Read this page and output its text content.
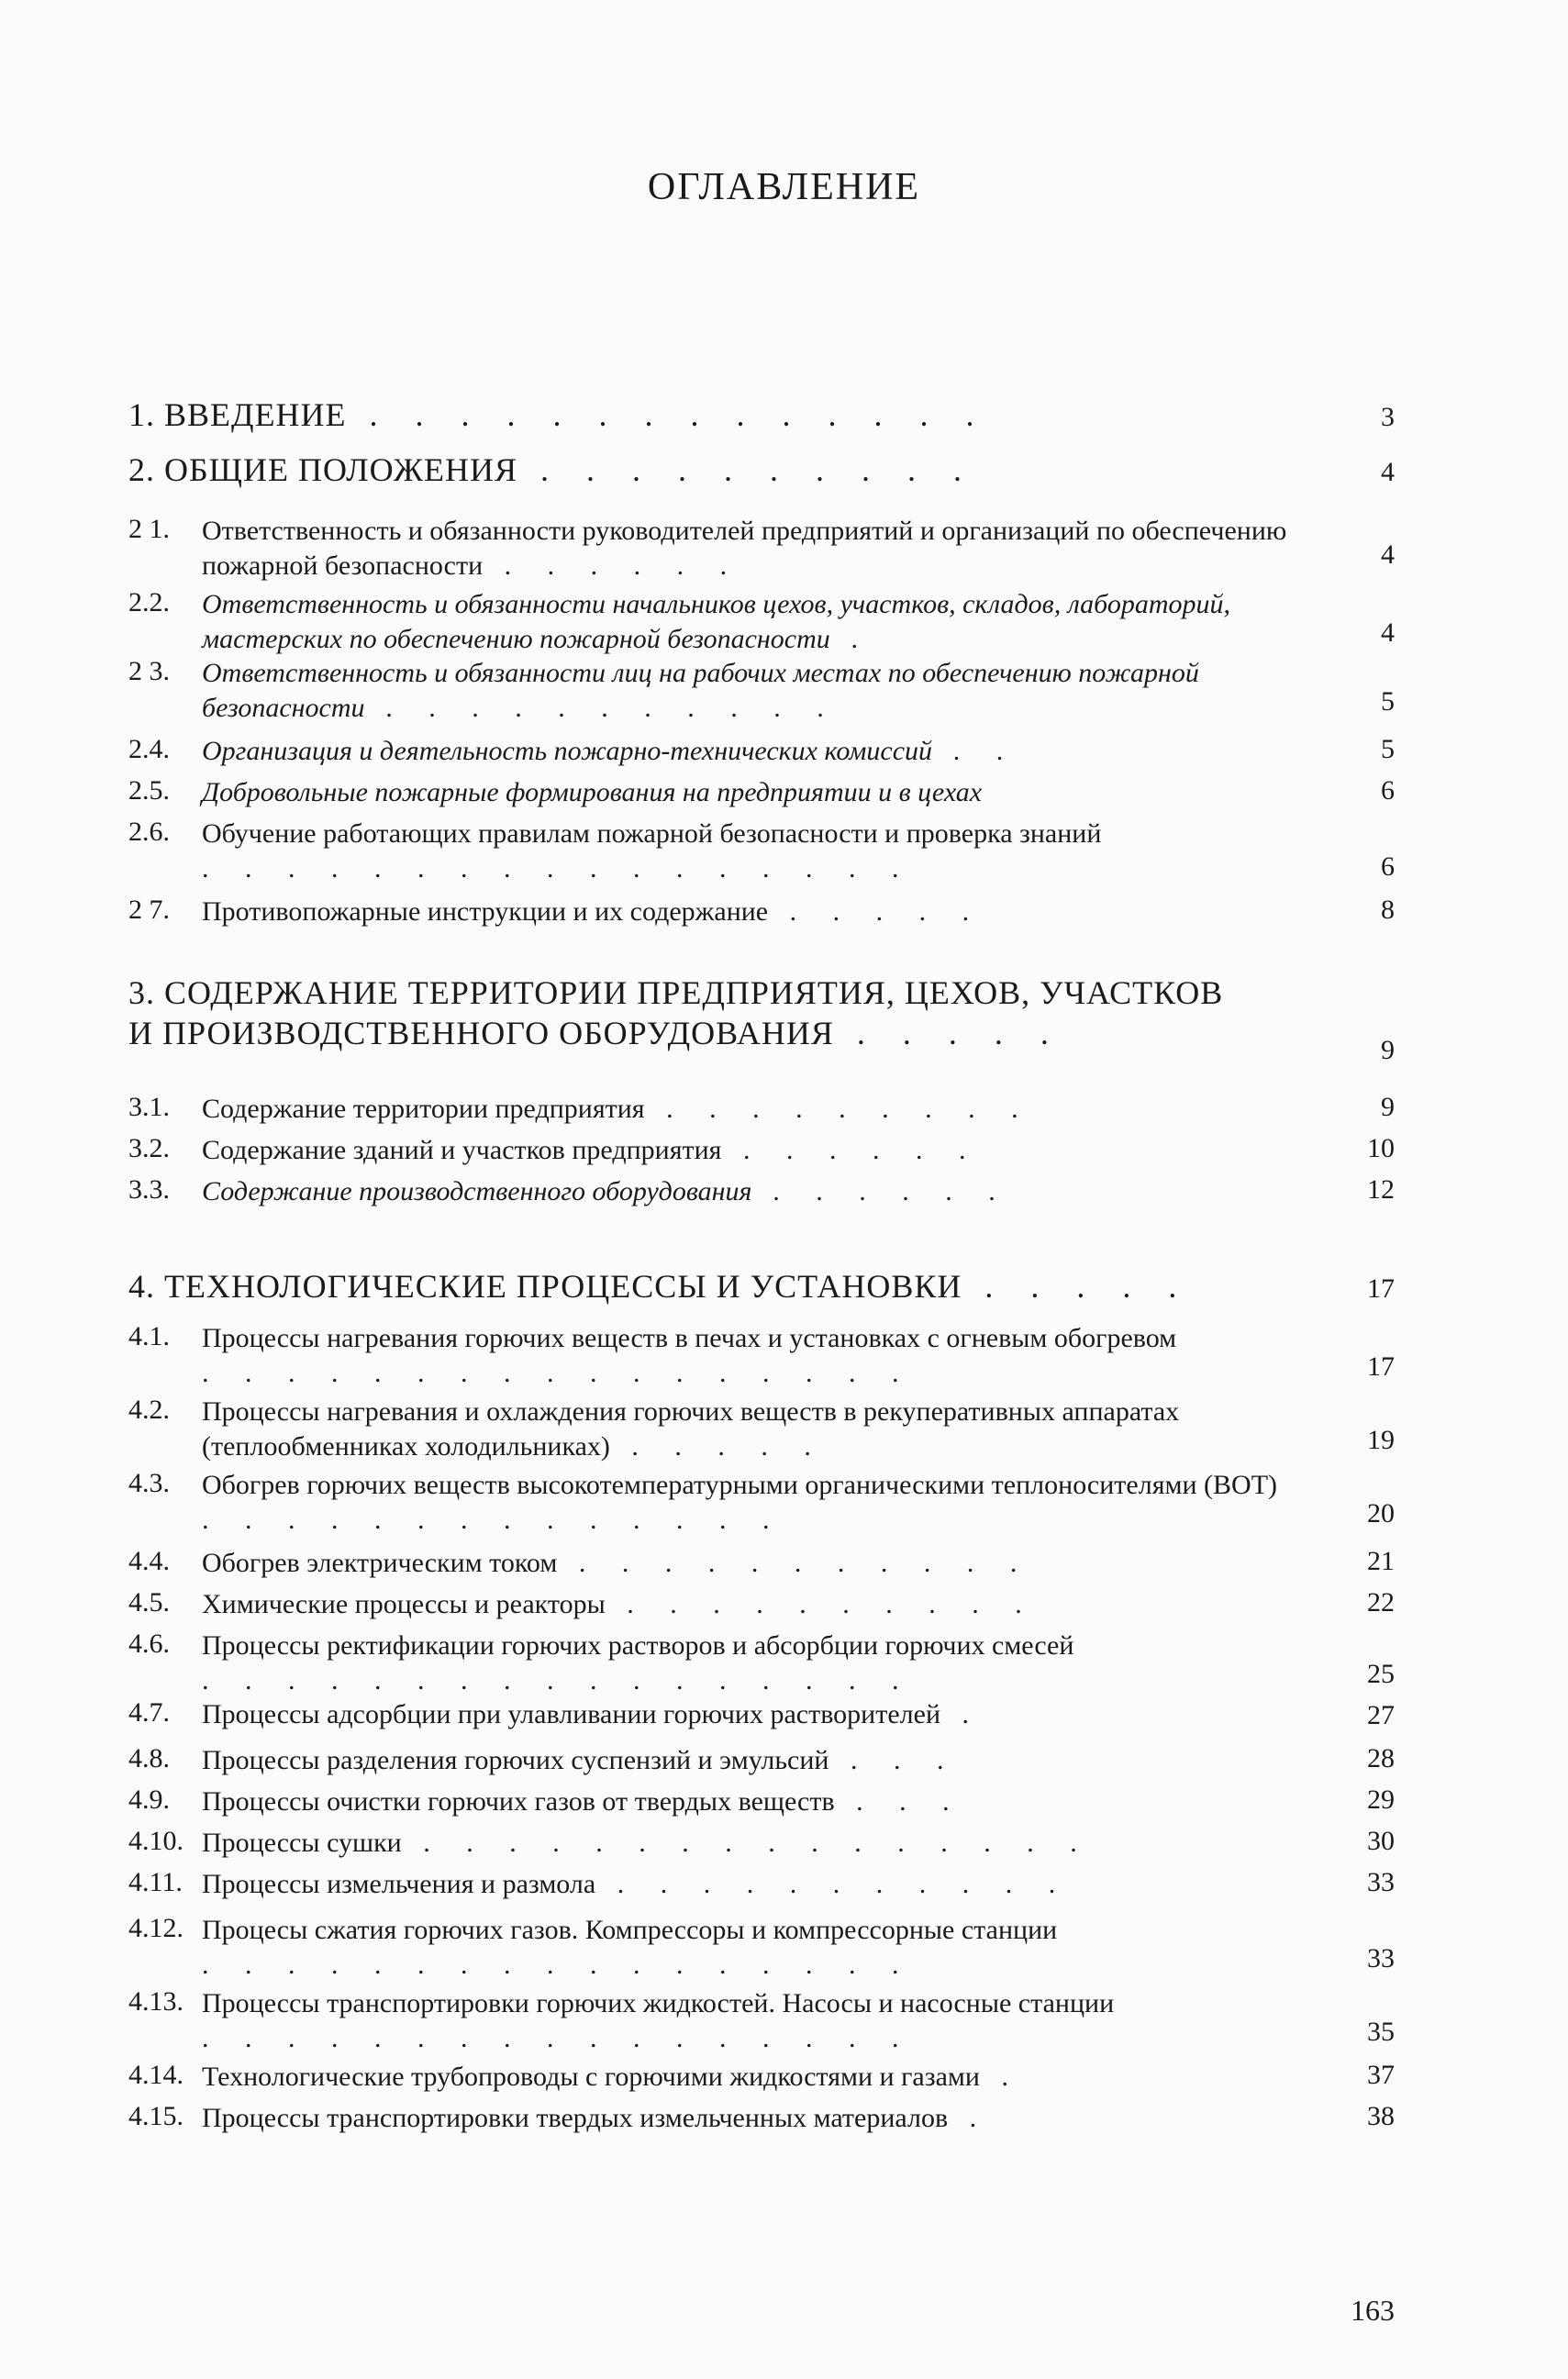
ОГЛАВЛЕНИЕ
1. ВВЕДЕНИЕ . . . . . . . . . . . . . .	3
2. ОБЩИЕ ПОЛОЖЕНИЯ . . . . . . . . . .	4
2 1. Ответственность и обязанности руководителей предприятий и организаций по обеспечению пожарной безопасности . . . . . .	4
2.2. Ответственность и обязанности начальников цехов, участков, складов, лабораторий, мастерских по обеспечению пожарной безопасности .	4
2 3. Ответственность и обязанности лиц на рабочих местах по обеспечению пожарной безопасности . . . . . . . . . . .	5
2.4. Организация и деятельность пожарно-технических комиссий . .	5
2.5. Добровольные пожарные формирования на предприятии и в цехах	6
2.6. Обучение работающих правилам пожарной безопасности и проверка знаний . . . . . . . . . . . . . . . . .	6
2 7. Противопожарные инструкции и их содержание . . . . .	8
3. СОДЕРЖАНИЕ ТЕРРИТОРИИ ПРЕДПРИЯТИЯ, ЦЕХОВ, УЧАСТКОВ И ПРОИЗВОДСТВЕННОГО ОБОРУДОВАНИЯ . . . . .	9
3.1. Содержание территории предприятия . . . . . . . . .	9
3.2. Содержание зданий и участков предприятия . . . . . .	10
3.3. Содержание производственного оборудования . . . . . .	12
4. ТЕХНОЛОГИЧЕСКИЕ ПРОЦЕССЫ И УСТАНОВКИ . . . . .	17
4.1. Процессы нагревания горючих веществ в печах и установках с огневым обогревом . . . . . . . . . . . . . . . . .	17
4.2. Процессы нагревания и охлаждения горючих веществ в рекуперативных аппаратах (теплообменниках холодильниках) . . . . .	19
4.3. Обогрев горючих веществ высокотемпературными органическими теплоносителями (ВОТ) . . . . . . . . . . . . . .	20
4.4. Обогрев электрическим током . . . . . . . . . . .	21
4.5. Химические процессы и реакторы . . . . . . . . . .	22
4.6. Процессы ректификации горючих растворов и абсорбции горючих смесей . . . . . . . . . . . . . . . . .	25
4.7. Процессы адсорбции при улавливании горючих растворителей .	27
4.8. Процессы разделения горючих суспензий и эмульсий . . .	28
4.9. Процессы очистки горючих газов от твердых веществ . . .	29
4.10. Процессы сушки . . . . . . . . . . . . . . . .	30
4.11. Процессы измельчения и размола . . . . . . . . . . .	33
4.12. Процесы сжатия горючих газов. Компрессоры и компрессорные станции . . . . . . . . . . . . . . . . .	33
4.13. Процессы транспортировки горючих жидкостей. Насосы и насосные станции . . . . . . . . . . . . . . . . .	35
4.14. Технологические трубопроводы с горючими жидкостями и газами .	37
4.15. Процессы транспортировки твердых измельченных материалов .	38
163
